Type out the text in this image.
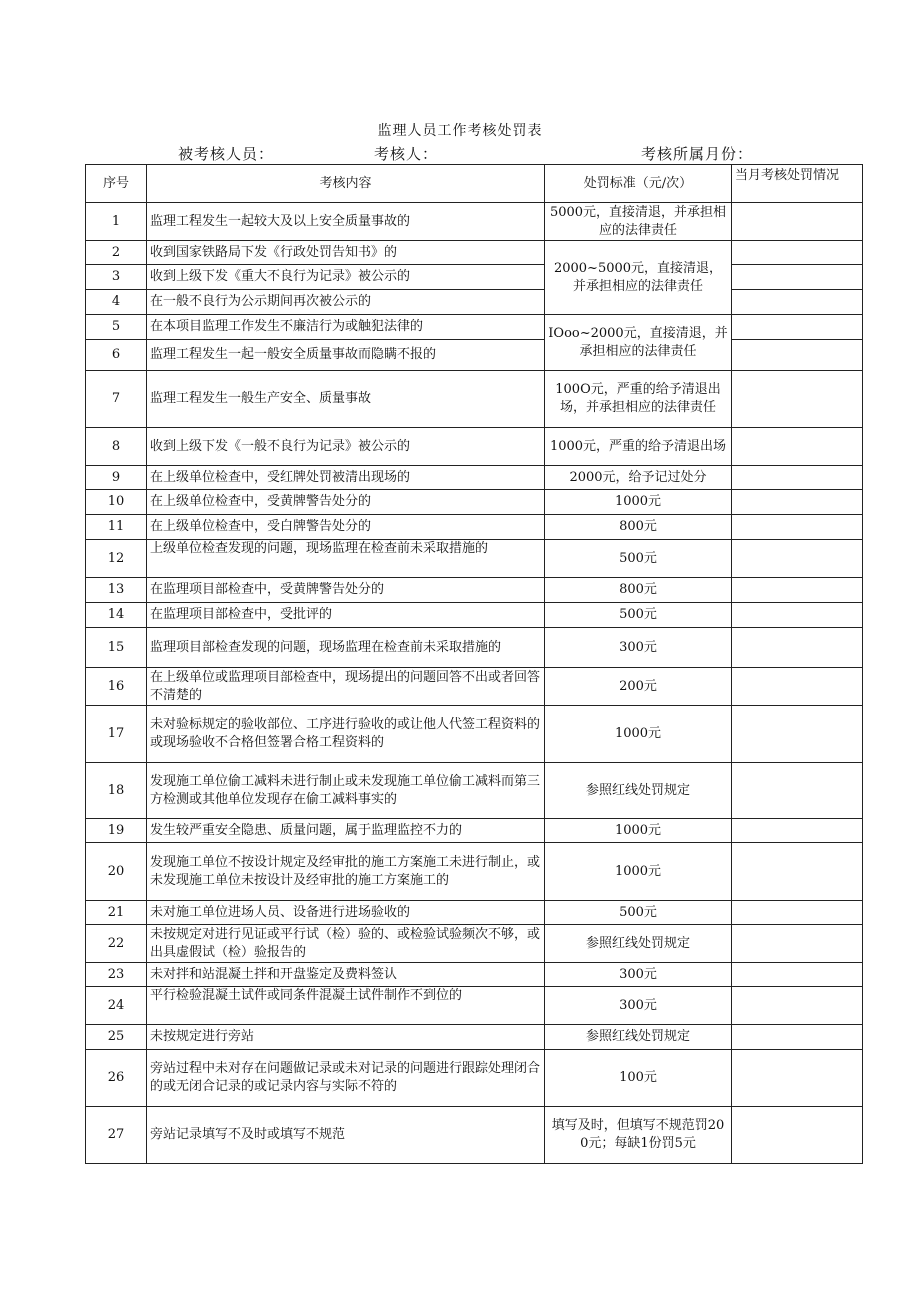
监理人员工作考核处罚表
被考核人员：	考核人：	考核所属月份：
序号	考核内容	处罚标准（元/次）	当月考核处罚情况
1	监理工程发生一起较大及以上安全质量事故的	5000元，直接清退，并承担相应的法律责任	
2	收到国家铁路局下发《行政处罚告知书》的	2000~5000元，直接清退，并承担相应的法律责任	
3	收到上级下发《重大不良行为记录》被公示的		
4	在一般不良行为公示期间再次被公示的		
5	在本项目监理工作发生不廉洁行为或触犯法律的	IOoo~2000元，直接清退，并承担相应的法律责任	
6	监理工程发生一起一般安全质量事故而隐瞒不报的		
7	监理工程发生一般生产安全、质量事故	100O元，严重的给予清退出场，并承担相应的法律责任	
8	收到上级下发《一般不良行为记录》被公示的	1000元，严重的给予清退出场	
9	在上级单位检查中，受红牌处罚被清出现场的	2000元，给予记过处分	
10	在上级单位检查中，受黄牌警告处分的	1000元	
11	在上级单位检查中，受白牌警告处分的	800元	
12	上级单位检查发现的问题，现场监理在检查前未采取措施的	500元	
13	在监理项目部检查中，受黄牌警告处分的	800元	
14	在监理项目部检查中，受批评的	500元	
15	监理项目部检查发现的问题，现场监理在检查前未采取措施的	300元	
16	在上级单位或监理项目部检查中，现场提出的问题回答不出或者回答不清楚的	200元	
17	未对验标规定的验收部位、工序进行验收的或让他人代签工程资料的或现场验收不合格但签署合格工程资料的	1000元	
18	发现施工单位偷工减料未进行制止或未发现施工单位偷工减料而第三方检测或其他单位发现存在偷工减料事实的	参照红线处罚规定	
19	发生较严重安全隐患、质量问题，属于监理监控不力的	1000元	
20	发现施工单位不按设计规定及经审批的施工方案施工未进行制止，或未发现施工单位未按设计及经审批的施工方案施工的	1000元	
21	未对施工单位进场人员、设备进行进场验收的	500元	
22	未按规定对进行见证或平行试（检）验的、或检验试验频次不够，或出具虚假试（检）验报告的	参照红线处罚规定	
23	未对拌和站混凝土拌和开盘鉴定及费料签认	300元	
24	平行检验混凝土试件或同条件混凝土试件制作不到位的	300元	
25	未按规定进行旁站	参照红线处罚规定	
26	旁站过程中未对存在问题做记录或未对记录的问题进行跟踪处理闭合的或无闭合记录的或记录内容与实际不符的	100元	
27	旁站记录填写不及时或填写不规范	填写及时，但填写不规范罚200元；每缺1份罚5元	
